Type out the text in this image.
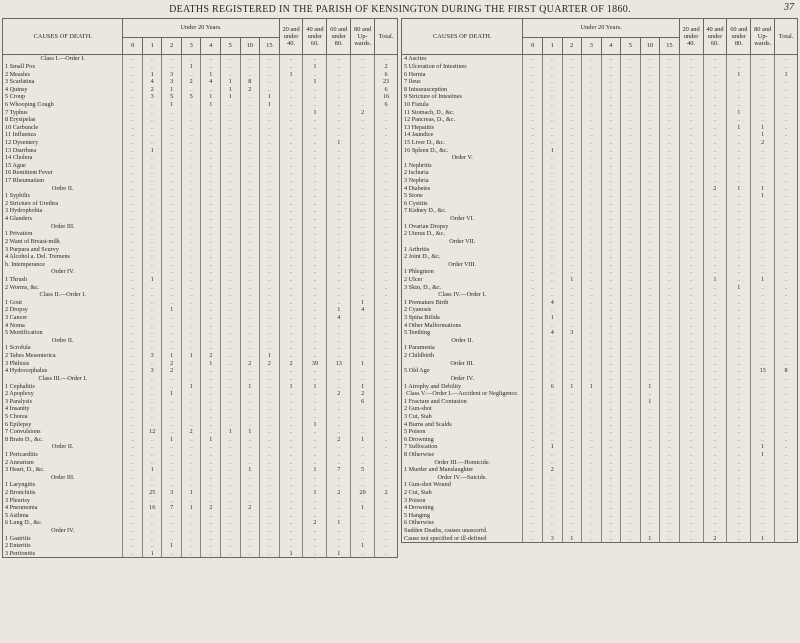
DEATHS REGISTERED IN THE PARISH OF KENSINGTON DURING THE FIRST QUARTER OF 1860.	37
CAUSES OF DEATH.	Under 20 Years.								20 and under 40.	40 and under 60.	60 and under 80.	80 and Up-wards.	Total.
	0	1	2	3	4	5	10	15					
Class I.—Order I.	..	..	..	..	..	..	..	..	..	..	..	..	..
1 Small Pox	..	..	..	1	..	..	..	..	..	1	..	..	2
2 Measles	..	1	3	..	1	..	..	..	1	..	..	..	6
3 Scarlatina	..	4	3	2	4	1	8	..	..	1	..	..	23
4 Quinsy	..	2	1	..	..	1	2	..	..	..	..	..	6
5 Croup	..	3	5	5	1	1	..	1	..	..	..	..	16
6 Whooping Cough	..	..	1	..	1	..	..	1	..	..	..	..	6
7 Typhus	..	..	..	..	..	..	..	..	..	1	..	2	..
8 Erysipelas	..	..	..	..	..	..	..	..	..	..	..	..	..
10 Carbuncle	..	..	..	..	..	..	..	..	..	..	..	..	..
11 Influenza	..	..	..	..	..	..	..	..	..	..	..	..	..
12 Dysentery	..	..	..	..	..	..	..	..	..	..	1	..	..
13 Diarrhœa	..	1	..	..	..	..	..	..	..	..	..	..	..
14 Cholera	..	..	..	..	..	..	..	..	..	..	..	..	..
15 Ague	..	..	..	..	..	..	..	..	..	..	..	..	..
16 Remittent Fever	..	..	..	..	..	..	..	..	..	..	..	..	..
17 Rheumatism	..	..	..	..	..	..	..	..	..	..	..	..	..
Order II.	..	..	..	..	..	..	..	..	..	..	..	..	..
1 Syphilis	..	..	..	..	..	..	..	..	..	..	..	..	..
2 Stricture of Urethra	..	..	..	..	..	..	..	..	..	..	..	..	..
3 Hydrophobia	..	..	..	..	..	..	..	..	..	..	..	..	..
4 Glanders	..	..	..	..	..	..	..	..	..	..	..	..	..
Order III.	..	..	..	..	..	..	..	..	..	..	..	..	..
1 Privation	..	..	..	..	..	..	..	..	..	..	..	..	..
2 Want of Breast-milk	..	..	..	..	..	..	..	..	..	..	..	..	..
3 Purpura and Scurvy	..	..	..	..	..	..	..	..	..	..	..	..	..
4 Alcohol a. Del. Tremens	..	..	..	..	..	..	..	..	..	..	..	..	..
b. Intemperance	..	..	..	..	..	..	..	..	..	..	..	..	..
Order IV.	..	..	..	..	..	..	..	..	..	..	..	..	..
1 Thrush	..	1	..	..	..	..	..	..	..	..	..	..	..
2 Worms, &c.	..	..	..	..	..	..	..	..	..	..	..	..	..
Class II.—Order I.	..	..	..	..	..	..	..	..	..	..	..	..	..
1 Gout	..	..	..	..	..	..	..	..	..	..	..	1	..
2 Dropsy	..	..	1	..	..	..	..	..	..	..	1	4	..
3 Cancer	..	..	..	..	..	..	..	..	..	..	4	..	..
4 Noma	..	..	..	..	..	..	..	..	..	..	..	..	..
5 Mortification	..	..	..	..	..	..	..	..	..	..	..	..	..
Order II.	..	..	..	..	..	..	..	..	..	..	..	..	..
1 Scrofula	..	..	..	..	..	..	..	..	..	..	..	..	..
2 Tabes Mesenterica	..	3	1	1	2	..	..	1	..	..	..	..	..
3 Phthisis	..	..	2	..	1	..	2	2	2	39	13	1	..
4 Hydrocephalus	..	3	2	..	..	..	..	..	..	..	..	..	..
Class III.—Order I.	..	..	..	..	..	..	..	..	..	..	..	..	..
1 Cephalitis	..	..	..	1	..	..	1	..	1	1	..	1	..
2 Apoplexy	..	..	1	..	..	..	..	..	..	..	2	2	..
3 Paralysis	..	..	..	..	..	..	..	..	..	..	..	6	..
4 Insanity	..	..	..	..	..	..	..	..	..	..	..	..	..
5 Chorea	..	..	..	..	..	..	..	..	..	..	..	..	..
6 Epilepsy	..	..	..	..	..	..	..	..	..	1	..	..	..
7 Convulsions	..	12	..	2	..	1	1	..	..	..	..	..	..
8 Brain D., &c.	..	..	1	..	1	..	..	..	..	..	2	1	..
Order II.	..	..	..	..	..	..	..	..	..	..	..	..	..
1 Pericarditis	..	..	..	..	..	..	..	..	..	..	..	..	..
2 Aneurism	..	..	..	..	..	..	..	..	..	..	..	..	..
3 Heart, D., &c.	..	1	..	..	..	..	1	..	..	1	7	5	..
Order III.	..	..	..	..	..	..	..	..	..	..	..	..	..
1 Laryngitis	..	..	..	..	..	..	..	..	..	..	..	..	..
2 Bronchitis	..	25	3	1	..	..	..	..	..	1	2	20	2
3 Pleurisy	..	..	..	..	..	..	..	..	..	..	..	..	..
4 Pneumonia	..	16	7	1	2	..	2	..	..	..	..	1	..
5 Asthma	..	..	..	..	..	..	..	..	..	..	..	..	..
6 Lung D., &c.	..	..	..	..	..	..	..	..	..	2	1	..	..
Order IV.	..	..	..	..	..	..	..	..	..	..	..	..	..
1 Gastritis	..	..	..	..	..	..	..	..	..	..	..	..	..
2 Enteritis	..	..	1	..	..	..	..	..	..	..	..	1	..
3 Peritonitis	..	1	..	..	..	..	..	..	1	..	1	..	..
CAUSES OF DEATH.	Under 20 Years.								20 and under 40.	40 and under 60.	60 and under 80.	80 and Up-wards.	Total.
	0	1	2	3	4	5	10	15					
4 Ascites	..	..	..	..	..	..	..	..	..	..	..	..	..
5 Ulceration of Intestines	..	..	..	..	..	..	..	..	..	..	..	..	..
6 Hernia	..	..	..	..	..	..	..	..	..	..	1	..	1
7 Ileus	..	..	..	..	..	..	..	..	..	..	..	..	..
8 Intussusception	..	..	..	..	..	..	..	..	..	..	..	..	..
9 Stricture of Intestines	..	..	..	..	..	..	..	..	..	..	..	..	..
10 Fistula	..	..	..	..	..	..	..	..	..	..	..	..	..
11 Stomach, D., &c.	..	..	..	..	..	..	..	..	..	..	1	..	..
12 Pancreas, D., &c.	..	..	..	..	..	..	..	..	..	..	..	..	..
13 Hepatitis	..	..	..	..	..	..	..	..	..	..	1	1	..
14 Jaundice	..	..	..	..	..	..	..	..	..	..	..	1	..
15 Liver D., &c.	..	..	..	..	..	..	..	..	..	..	..	2	..
16 Spleen D., &c.	..	1	..	..	..	..	..	..	..	..	..	..	..
Order V.	..	..	..	..	..	..	..	..	..	..	..	..	..
1 Nephritis	..	..	..	..	..	..	..	..	..	..	..	..	..
2 Ischuria	..	..	..	..	..	..	..	..	..	..	..	..	..
3 Nephria	..	..	..	..	..	..	..	..	..	..	..	..	..
4 Diabetes	..	..	..	..	..	..	..	..	..	2	1	1	..
5 Stone	..	..	..	..	..	..	..	..	..	..	..	1	..
6 Cystitis	..	..	..	..	..	..	..	..	..	..	..	..	..
7 Kidney D., &c.	..	..	..	..	..	..	..	..	..	..	..	..	..
Order VI.	..	..	..	..	..	..	..	..	..	..	..	..	..
1 Ovarian Dropsy	..	..	..	..	..	..	..	..	..	..	..	..	..
2 Uterus D., &c.	..	..	..	..	..	..	..	..	..	..	..	..	..
Order VII.	..	..	..	..	..	..	..	..	..	..	..	..	..
1 Arthritis	..	..	..	..	..	..	..	..	..	..	..	..	..
2 Joint D., &c.	..	..	..	..	..	..	..	..	..	..	..	..	..
Order VIII.	..	..	..	..	..	..	..	..	..	..	..	..	..
1 Phlegmon	..	..	..	..	..	..	..	..	..	..	..	..	..
2 Ulcer	..	..	1	..	..	..	..	..	..	1	..	1	..
3 Skin, D., &c.	..	..	..	..	..	..	..	..	..	..	1	..	..
Class IV.—Order I.	..	..	..	..	..	..	..	..	..	..	..	..	..
1 Premature Birth	..	4	..	..	..	..	..	..	..	..	..	..	..
2 Cyanosis	..	..	..	..	..	..	..	..	..	..	..	..	..
3 Spina Bifida	..	1	..	..	..	..	..	..	..	..	..	..	..
4 Other Malformations	..	..	..	..	..	..	..	..	..	..	..	..	..
5 Teething	..	4	3	..	..	..	..	..	..	..	..	..	..
Order II.	..	..	..	..	..	..	..	..	..	..	..	..	..
1 Paramenia	..	..	..	..	..	..	..	..	..	..	..	..	..
2 Childbirth	..	..	..	..	..	..	..	..	..	..	..	..	..
Order III.	..	..	..	..	..	..	..	..	..	..	..	..	..
5 Old Age	..	..	..	..	..	..	..	..	..	..	..	13	8
Order IV.	..	..	..	..	..	..	..	..	..	..	..	..	..
1 Atrophy and Debility	..	6	1	1	..	..	1	..	..	..	..	..	..
Class V.—Order I.—Accident or Negligence.	..	..	..	..	..	..	..	..	..	..	..	..	..
1 Fracture and Contusion	..	..	..	..	..	..	1	..	..	..	..	..	..
2 Gun-shot	..	..	..	..	..	..	..	..	..	..	..	..	..
3 Cut, Stab	..	..	..	..	..	..	..	..	..	..	..	..	..
4 Burns and Scalds	..	..	..	..	..	..	..	..	..	..	..	..	..
5 Poison	..	..	..	..	..	..	..	..	..	..	..	..	..
6 Drowning	..	..	..	..	..	..	..	..	..	..	..	..	..
7 Suffocation	..	1	..	..	..	..	..	..	..	..	..	1	..
8 Otherwise	..	..	..	..	..	..	..	..	..	..	..	1	..
Order III.—Homicide.	..	..	..	..	..	..	..	..	..	..	..	..	..
1 Murder and Manslaughter	..	2	..	..	..	..	..	..	..	..	..	..	..
Order IV.—Suicide.	..	..	..	..	..	..	..	..	..	..	..	..	..
1 Gun-shot Wound	..	..	..	..	..	..	..	..	..	..	..	..	..
2 Cut, Stab	..	..	..	..	..	..	..	..	..	..	..	..	..
3 Poison	..	..	..	..	..	..	..	..	..	..	..	..	..
4 Drowning	..	..	..	..	..	..	..	..	..	..	..	..	..
5 Hanging	..	..	..	..	..	..	..	..	..	..	..	..	..
6 Otherwise	..	..	..	..	..	..	..	..	..	..	..	..	..
Sudden Deaths, causes unascertd.	..	..	..	..	..	..	..	..	..	..	..	..	..
Cause not specified or ill-defined	..	3	1	..	..	..	1	..	..	2	..	1	..
